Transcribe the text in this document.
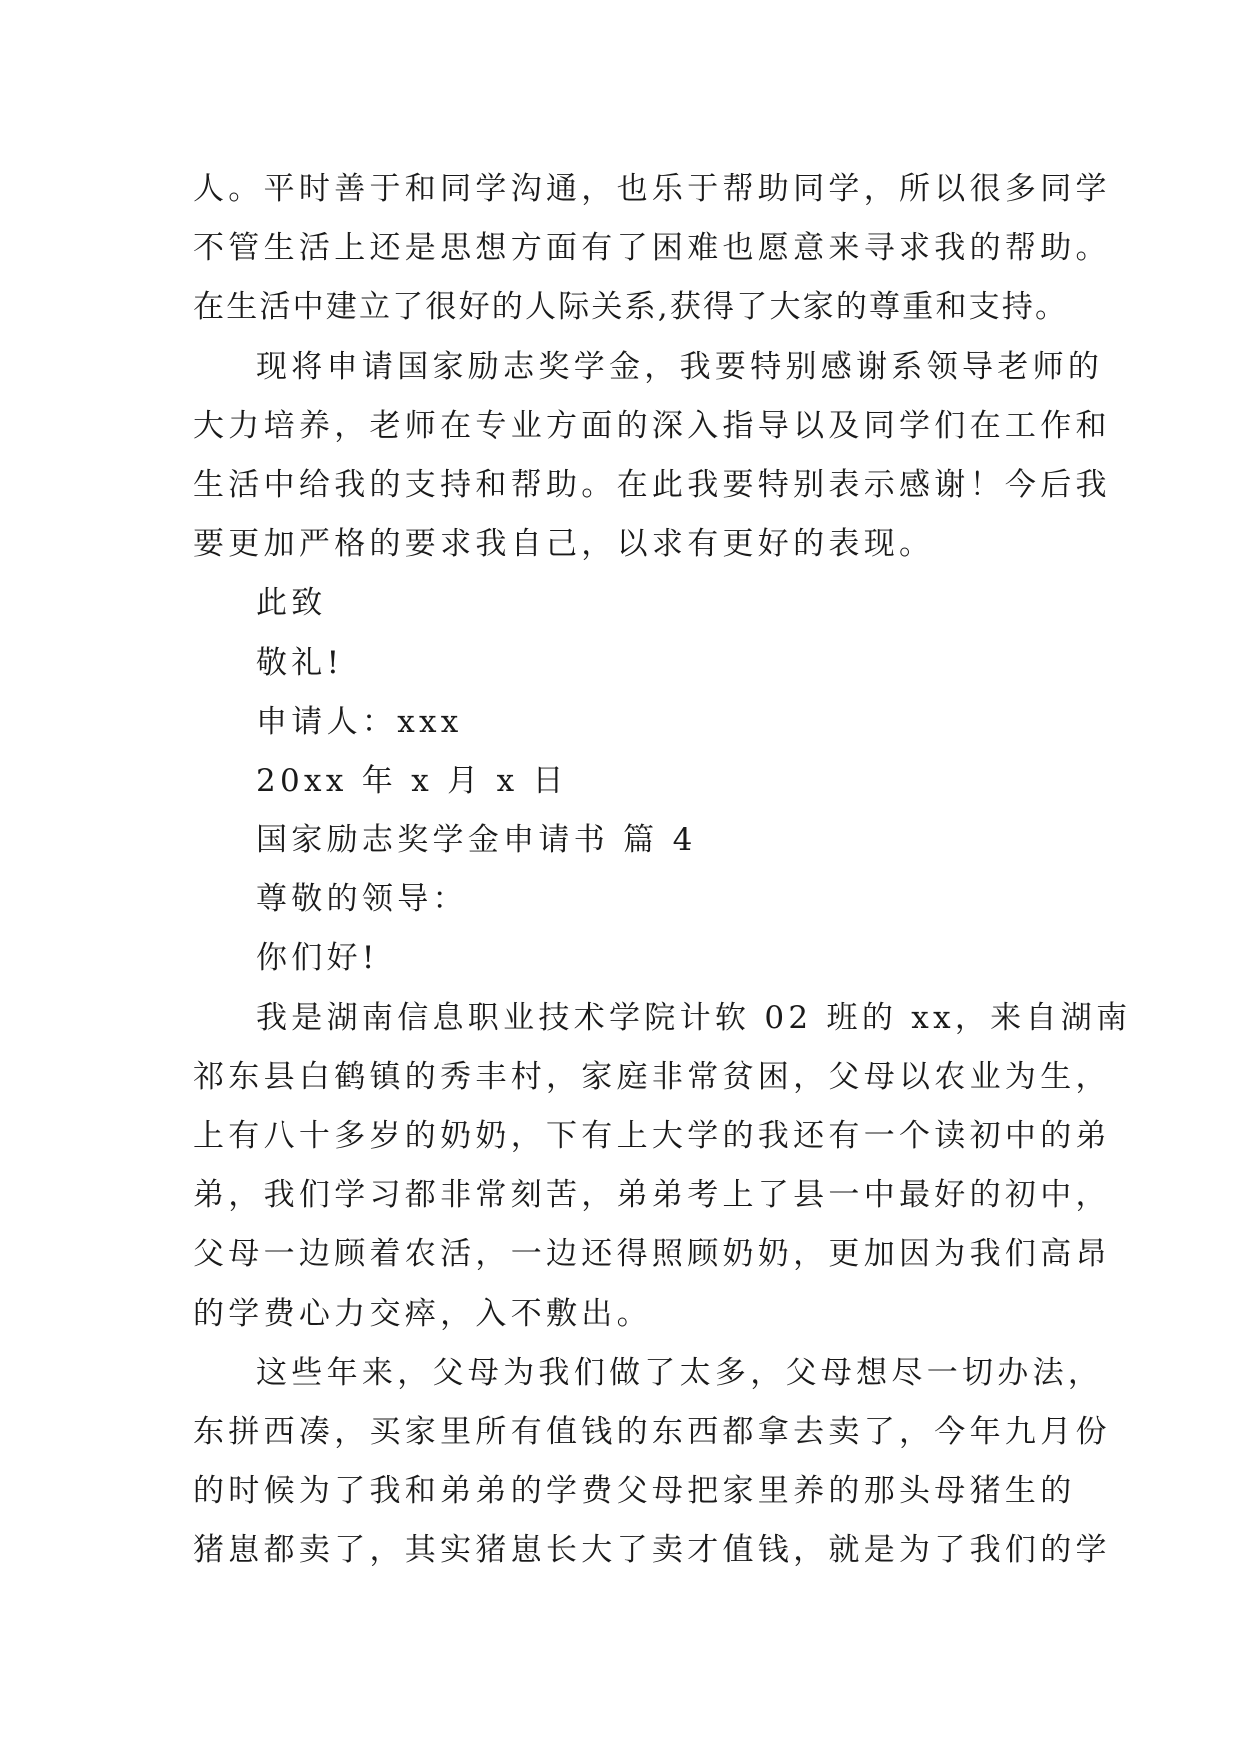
人。平时善于和同学沟通，也乐于帮助同学，所以很多同学
不管生活上还是思想方面有了困难也愿意来寻求我的帮助。
在生活中建立了很好的人际关系,获得了大家的尊重和支持。
现将申请国家励志奖学金，我要特别感谢系领导老师的
大力培养，老师在专业方面的深入指导以及同学们在工作和
生活中给我的支持和帮助。在此我要特别表示感谢！今后我
要更加严格的要求我自己，以求有更好的表现。
此致
敬礼!
申请人：xxx
20xx 年 x 月 x 日
国家励志奖学金申请书 篇 4
尊敬的领导：
你们好!
我是湖南信息职业技术学院计软 02 班的 xx，来自湖南
祁东县白鹤镇的秀丰村，家庭非常贫困，父母以农业为生，
上有八十多岁的奶奶，下有上大学的我还有一个读初中的弟
弟，我们学习都非常刻苦，弟弟考上了县一中最好的初中，
父母一边顾着农活，一边还得照顾奶奶，更加因为我们高昂
的学费心力交瘁，入不敷出。
这些年来，父母为我们做了太多，父母想尽一切办法，
东拼西凑，买家里所有值钱的东西都拿去卖了，今年九月份
的时候为了我和弟弟的学费父母把家里养的那头母猪生的
猪崽都卖了，其实猪崽长大了卖才值钱，就是为了我们的学
